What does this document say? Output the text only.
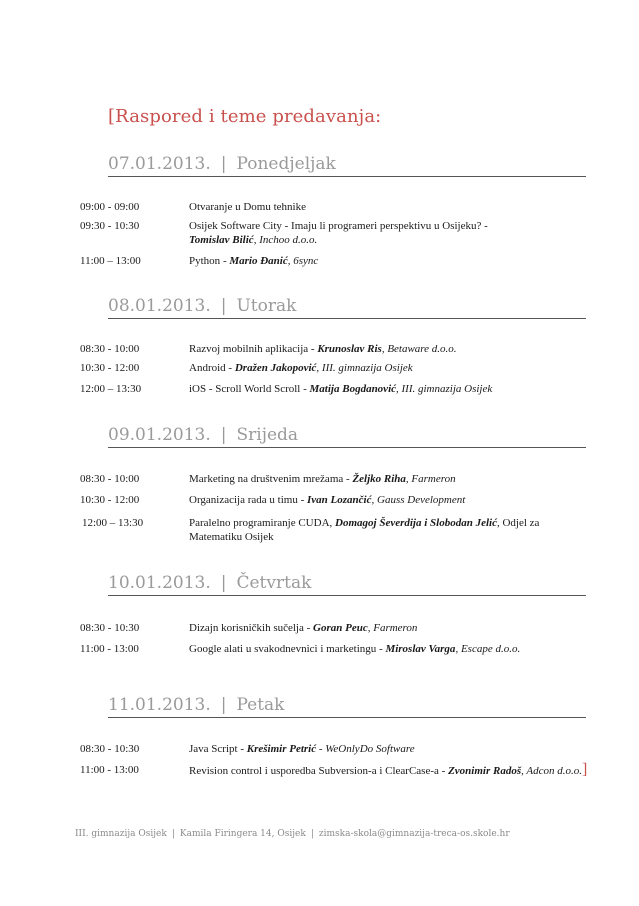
[Raspored i teme predavanja:
07.01.2013. | Ponedjeljak
09:00 - 09:00	Otvaranje u Domu tehnike
09:30 - 10:30	Osijek Software City - Imaju li programeri perspektivu u Osijeku? -
Tomislav Bilić, Inchoo d.o.o.
11:00 – 13:00	Python - Mario Đanić, 6sync
08.01.2013. | Utorak
08:30 - 10:00	Razvoj mobilnih aplikacija - Krunoslav Ris, Betaware d.o.o.
10:30 - 12:00	Android - Dražen Jakopović, III. gimnazija Osijek
12:00 – 13:30	iOS - Scroll World Scroll - Matija Bogdanović, III. gimnazija Osijek
09.01.2013. | Srijeda
08:30 - 10:00	Marketing na društvenim mrežama - Željko Riha, Farmeron
10:30 - 12:00	Organizacija rada u timu - Ivan Lozančić, Gauss Development
12:00 – 13:30	Paralelno programiranje CUDA, Domagoj Ševerdija i Slobodan Jelić, Odjel za Matematiku Osijek
10.01.2013. | Četvrtak
08:30 - 10:30	Dizajn korisničkih sučelja - Goran Peuc, Farmeron
11:00 - 13:00	Google alati u svakodnevnici i marketingu - Miroslav Varga, Escape d.o.o.
11.01.2013. | Petak
08:30 - 10:30	Java Script - Krešimir Petrić - WeOnlyDo Software
11:00 - 13:00	Revision control i usporedba Subversion-a i ClearCase-a - Zvonimir Radoš, Adcon d.o.o.]
III. gimnazija Osijek | Kamila Firingera 14, Osijek | zimska-skola@gimnazija-treca-os.skole.hr
